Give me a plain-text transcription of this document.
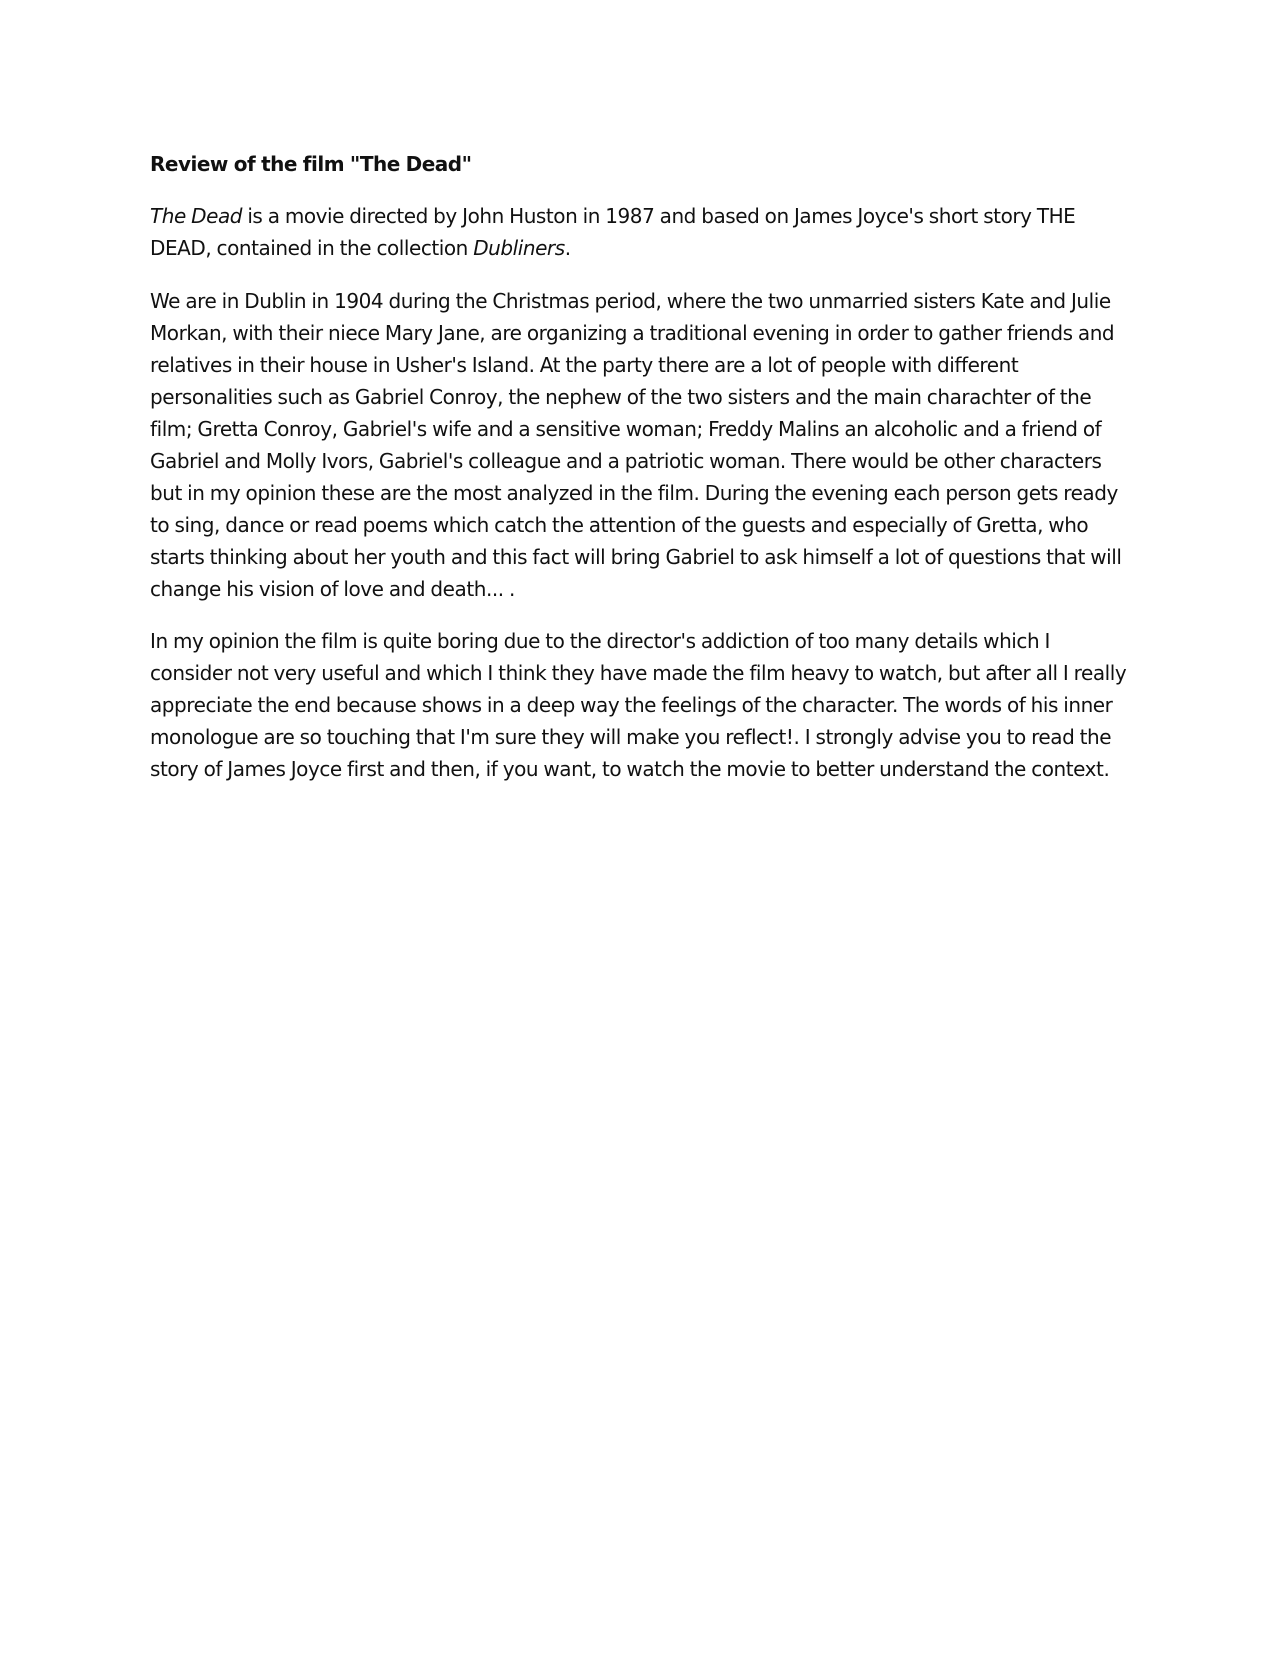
Review of the film "The Dead"

The Dead is a movie directed by John Huston in 1987 and based on James Joyce's short story THE DEAD, contained in the collection Dubliners.

We are in Dublin in 1904 during the Christmas period, where the two unmarried sisters Kate and Julie Morkan, with their niece Mary Jane, are organizing a traditional evening in order to gather friends and relatives in their house in Usher's Island. At the party there are a lot of people with different personalities such as Gabriel Conroy, the nephew of the two sisters and the main charachter of the film; Gretta Conroy, Gabriel's wife and a sensitive woman; Freddy Malins an alcoholic and a friend of Gabriel and Molly Ivors, Gabriel's colleague and a patriotic woman. There would be other characters but in my opinion these are the most analyzed in the film. During the evening each person gets ready to sing, dance or read poems which catch the attention of the guests and especially of Gretta, who starts thinking about her youth and this fact will bring Gabriel to ask himself a lot of questions that will change his vision of love and death... .

In my opinion the film is quite boring due to the director's addiction of too many details which I consider not very useful and which I think they have made the film heavy to watch, but after all I really appreciate the end because shows in a deep way the feelings of the character. The words of his inner monologue are so touching that I'm sure they will make you reflect!. I strongly advise you to read the story of James Joyce first and then, if you want, to watch the movie to better understand the context.
